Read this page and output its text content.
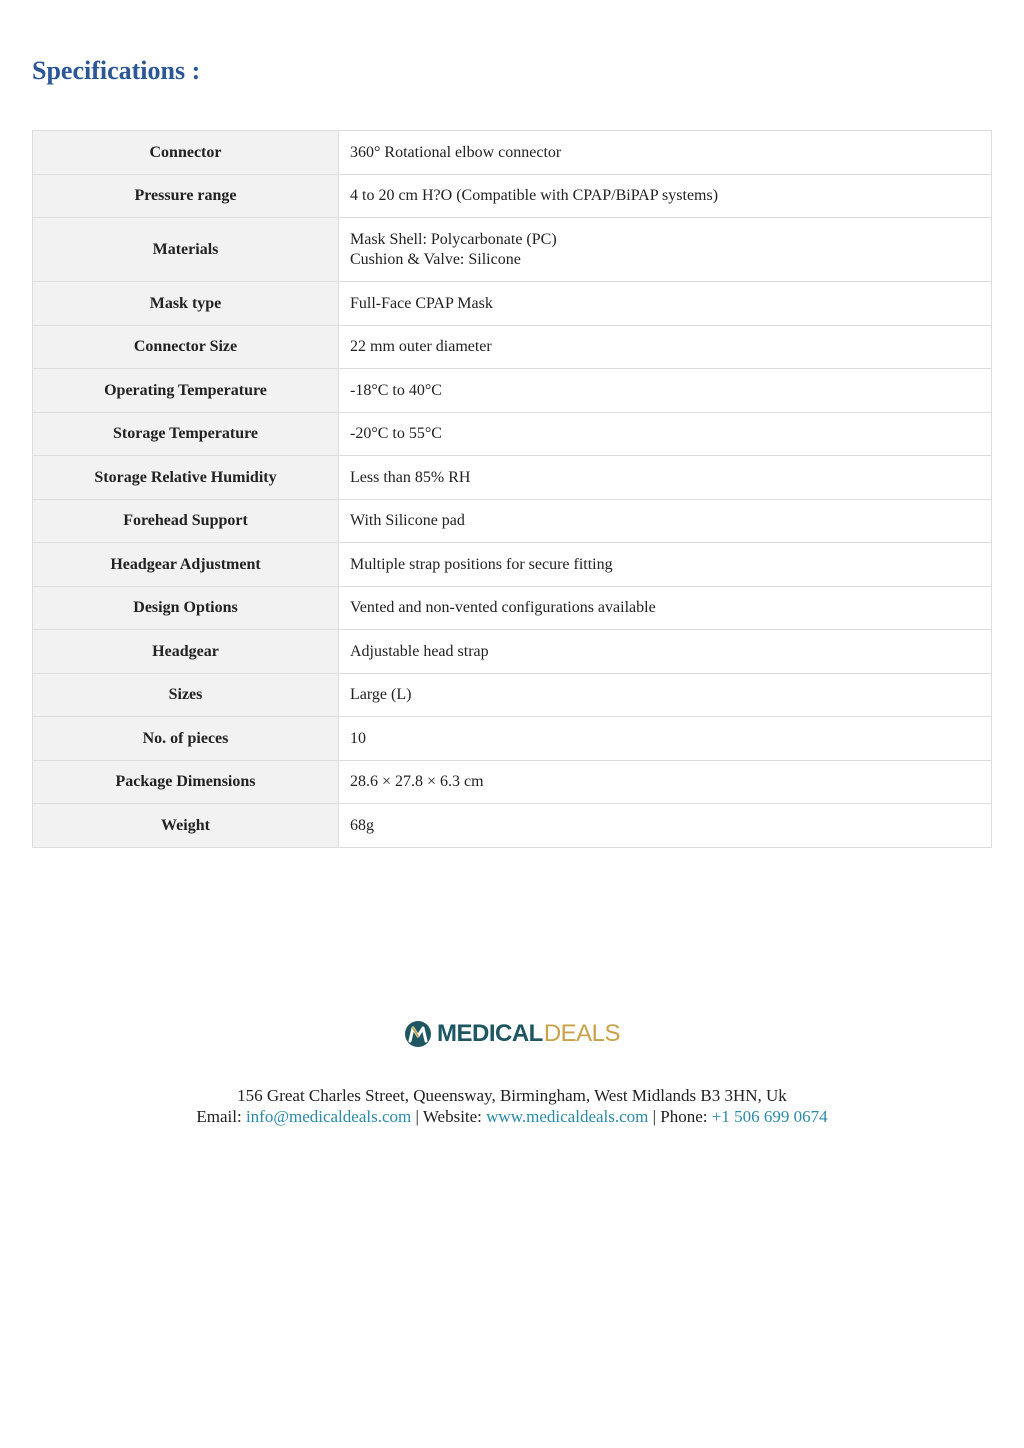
Specifications :
Connector	360° Rotational elbow connector

Pressure range	4 to 20 cm H?O (Compatible with CPAP/BiPAP systems)

Materials	Mask Shell: Polycarbonate (PC)
Cushion & Valve: Silicone

Mask type	Full-Face CPAP Mask

Connector Size	22 mm outer diameter

Operating Temperature	-18°C to 40°C

Storage Temperature	-20°C to 55°C

Storage Relative Humidity	Less than 85% RH

Forehead Support	With Silicone pad

Headgear Adjustment	Multiple strap positions for secure fitting

Design Options	Vented and non-vented configurations available

Headgear	Adjustable head strap

Sizes	Large (L)

No. of pieces	10

Package Dimensions	28.6 × 27.8 × 6.3 cm

Weight	68g
MEDICAL DEALS
156 Great Charles Street, Queensway, Birmingham, West Midlands B3 3HN, Uk
Email: info@medicaldeals.com | Website: www.medicaldeals.com | Phone: +1 506 699 0674
